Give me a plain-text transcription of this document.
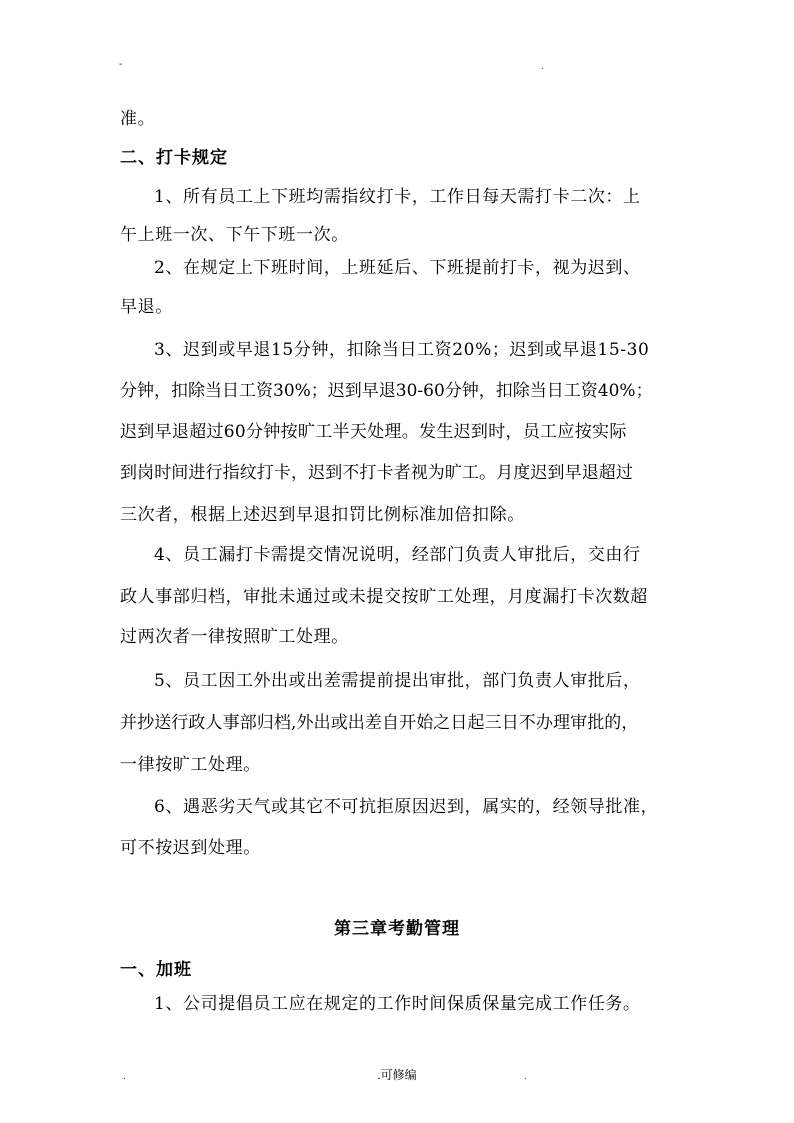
-	.
准。
二、打卡规定
1、所有员工上下班均需指纹打卡，工作日每天需打卡二次：上
午上班一次、下午下班一次。
2、在规定上下班时间，上班延后、下班提前打卡，视为迟到、
早退。
3、迟到或早退15分钟，扣除当日工资20%；迟到或早退15-30
分钟，扣除当日工资30%；迟到早退30-60分钟，扣除当日工资40%；
迟到早退超过60分钟按旷工半天处理。发生迟到时，员工应按实际
到岗时间进行指纹打卡，迟到不打卡者视为旷工。月度迟到早退超过
三次者，根据上述迟到早退扣罚比例标准加倍扣除。
4、员工漏打卡需提交情况说明，经部门负责人审批后，交由行
政人事部归档，审批未通过或未提交按旷工处理，月度漏打卡次数超
过两次者一律按照旷工处理。
5、员工因工外出或出差需提前提出审批，部门负责人审批后，
并抄送行政人事部归档,外出或出差自开始之日起三日不办理审批的，
一律按旷工处理。
6、遇恶劣天气或其它不可抗拒原因迟到，属实的，经领导批准，
可不按迟到处理。
第三章考勤管理
一、加班
1、公司提倡员工应在规定的工作时间保质保量完成工作任务。
.	.可修编	.
